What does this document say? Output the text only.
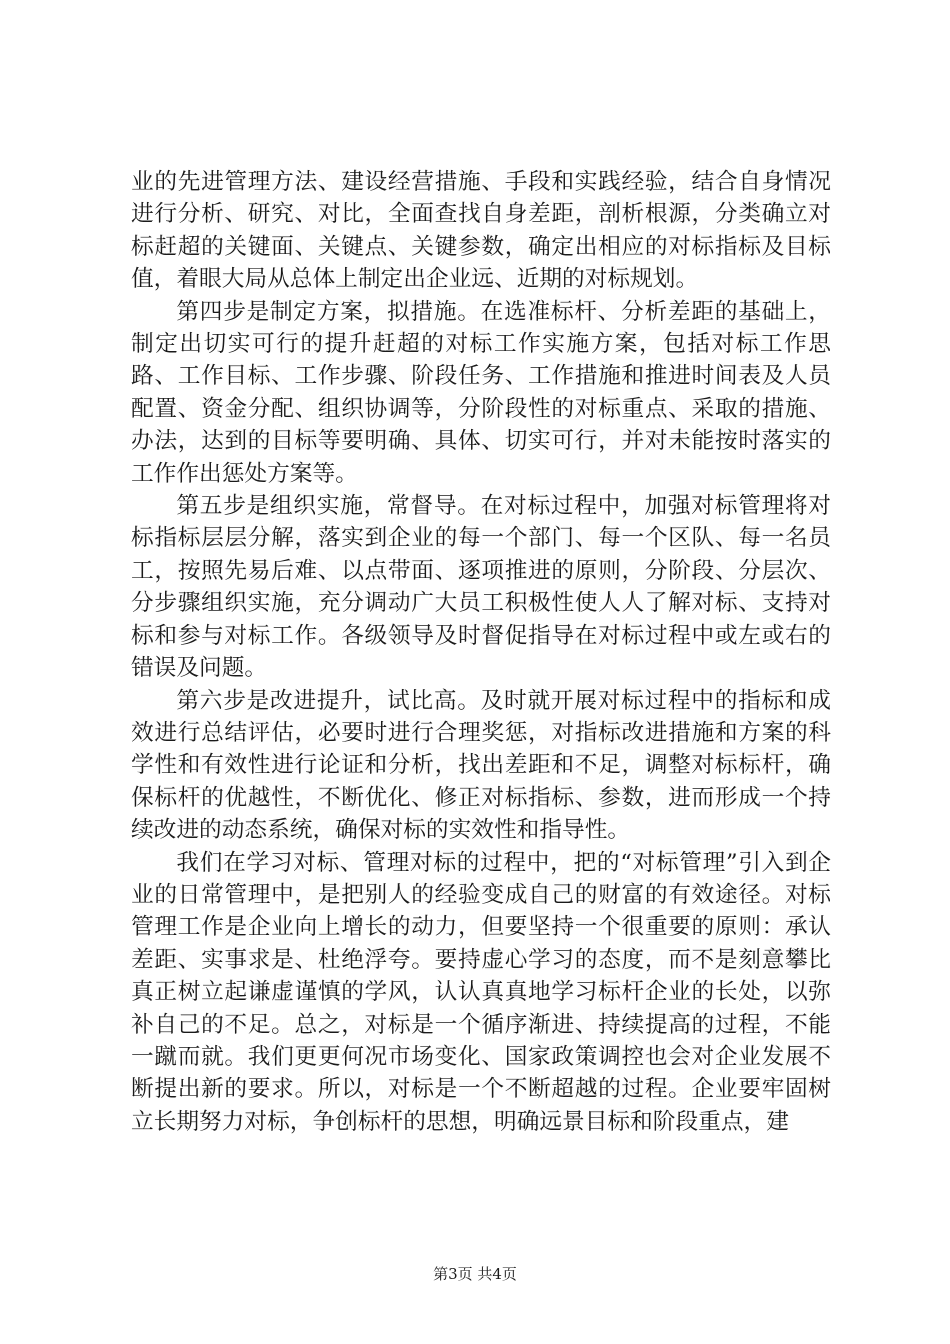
业的先进管理方法、建设经营措施、手段和实践经验，结合自身情况进行分析、研究、对比，全面查找自身差距，剖析根源，分类确立对标赶超的关键面、关键点、关键参数，确定出相应的对标指标及目标值，着眼大局从总体上制定出企业远、近期的对标规划。

第四步是制定方案，拟措施。在选准标杆、分析差距的基础上，制定出切实可行的提升赶超的对标工作实施方案，包括对标工作思路、工作目标、工作步骤、阶段任务、工作措施和推进时间表及人员配置、资金分配、组织协调等，分阶段性的对标重点、采取的措施、办法，达到的目标等要明确、具体、切实可行，并对未能按时落实的工作作出惩处方案等。

第五步是组织实施，常督导。在对标过程中，加强对标管理将对标指标层层分解，落实到企业的每一个部门、每一个区队、每一名员工，按照先易后难、以点带面、逐项推进的原则，分阶段、分层次、分步骤组织实施，充分调动广大员工积极性使人人了解对标、支持对标和参与对标工作。各级领导及时督促指导在对标过程中或左或右的错误及问题。

第六步是改进提升，试比高。及时就开展对标过程中的指标和成效进行总结评估，必要时进行合理奖惩，对指标改进措施和方案的科学性和有效性进行论证和分析，找出差距和不足，调整对标标杆，确保标杆的优越性，不断优化、修正对标指标、参数，进而形成一个持续改进的动态系统，确保对标的实效性和指导性。

我们在学习对标、管理对标的过程中，把的“对标管理”引入到企业的日常管理中，是把别人的经验变成自己的财富的有效途径。对标管理工作是企业向上增长的动力，但要坚持一个很重要的原则：承认差距、实事求是、杜绝浮夸。要持虚心学习的态度，而不是刻意攀比真正树立起谦虚谨慎的学风，认认真真地学习标杆企业的长处，以弥补自己的不足。总之，对标是一个循序渐进、持续提高的过程，不能一蹴而就。我们更更何况市场变化、国家政策调控也会对企业发展不断提出新的要求。所以，对标是一个不断超越的过程。企业要牢固树立长期努力对标，争创标杆的思想，明确远景目标和阶段重点，建

第3页 共4页
